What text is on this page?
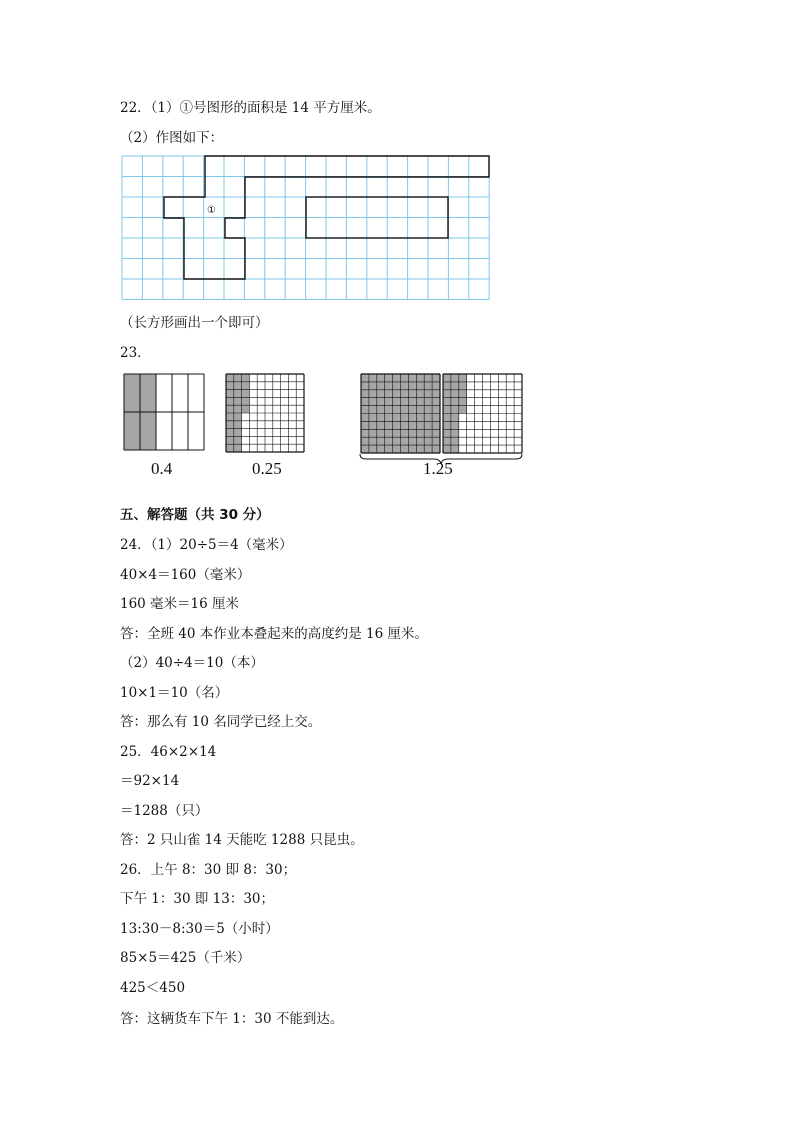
22．（1）①号图形的面积是 14 平方厘米。
（2）作图如下：
①
（长方形画出一个即可）
23．
0.4	0.25	1.25
五、解答题（共 30 分）
24．（1）20÷5＝4（毫米）
40×4＝160（毫米）
160 毫米＝16 厘米
答：全班 40 本作业本叠起来的高度约是 16 厘米。
（2）40÷4＝10（本）
10×1＝10（名）
答：那么有 10 名同学已经上交。
25．46×2×14
＝92×14
＝1288（只）
答：2 只山雀 14 天能吃 1288 只昆虫。
26．上午 8：30 即 8：30；
下午 1：30 即 13：30；
13:30－8:30＝5（小时）
85×5＝425（千米）
425＜450
答：这辆货车下午 1：30 不能到达。
